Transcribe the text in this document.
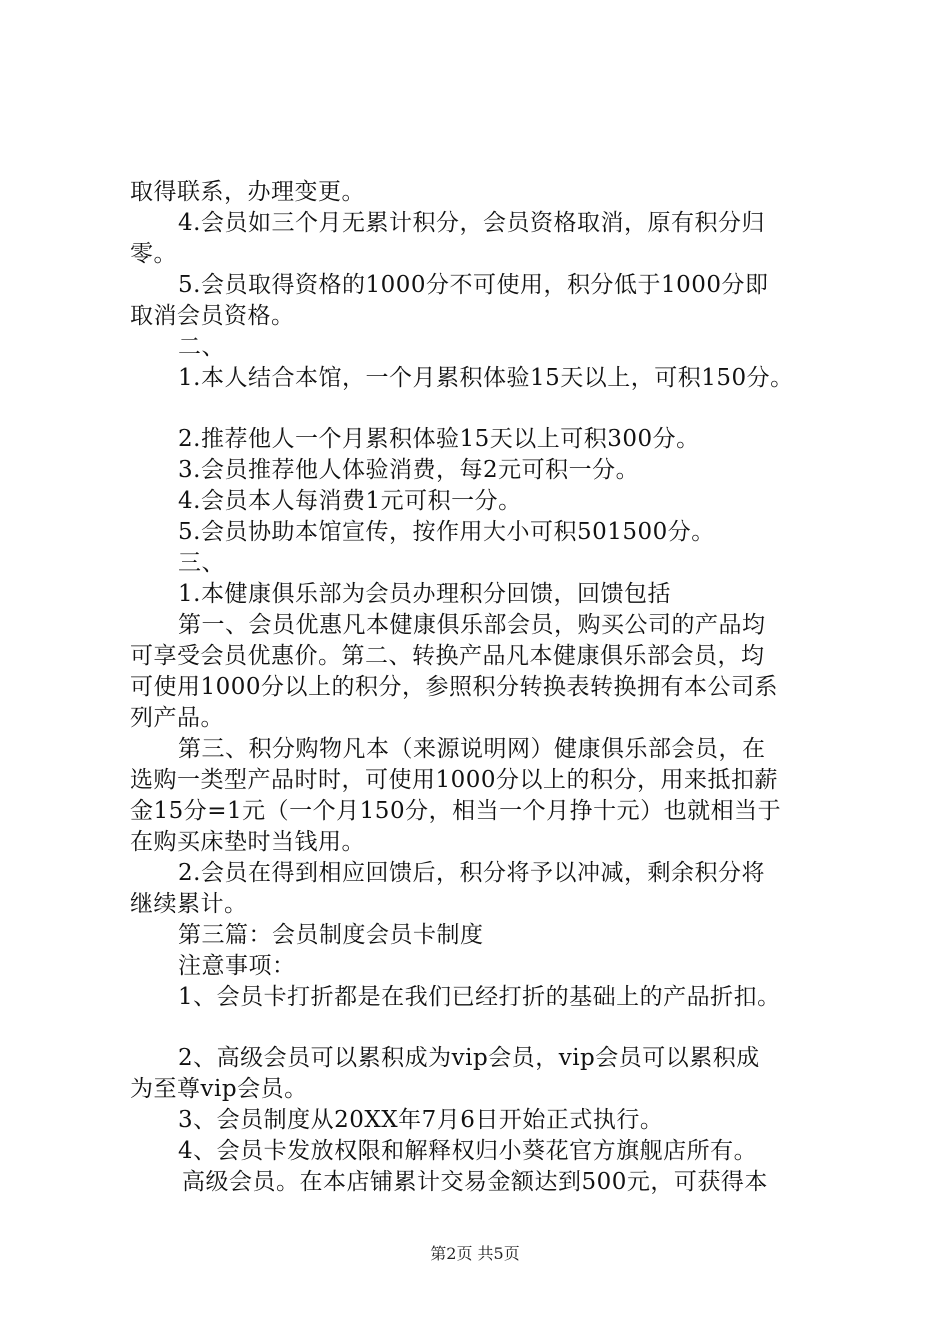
取得联系，办理变更。
4.会员如三个月无累计积分，会员资格取消，原有积分归
零。
5.会员取得资格的1000分不可使用，积分低于1000分即
取消会员资格。
二、
1.本人结合本馆，一个月累积体验15天以上，可积150分。
2.推荐他人一个月累积体验15天以上可积300分。
3.会员推荐他人体验消费，每2元可积一分。
4.会员本人每消费1元可积一分。
5.会员协助本馆宣传，按作用大小可积501500分。
三、
1.本健康俱乐部为会员办理积分回馈，回馈包括
第一、会员优惠凡本健康俱乐部会员，购买公司的产品均
可享受会员优惠价。第二、转换产品凡本健康俱乐部会员，均
可使用1000分以上的积分，参照积分转换表转换拥有本公司系
列产品。
第三、积分购物凡本（来源说明网）健康俱乐部会员，在
选购一类型产品时时，可使用1000分以上的积分，用来抵扣薪
金15分=1元（一个月150分，相当一个月挣十元）也就相当于
在购买床垫时当钱用。
2.会员在得到相应回馈后，积分将予以冲减，剩余积分将
继续累计。
第三篇：会员制度会员卡制度
注意事项：
1、会员卡打折都是在我们已经打折的基础上的产品折扣。
2、高级会员可以累积成为vip会员，vip会员可以累积成
为至尊vip会员。
3、会员制度从20XX年7月6日开始正式执行。
4、会员卡发放权限和解释权归小葵花官方旗舰店所有。
高级会员。在本店铺累计交易金额达到500元，可获得本
第2页 共5页
